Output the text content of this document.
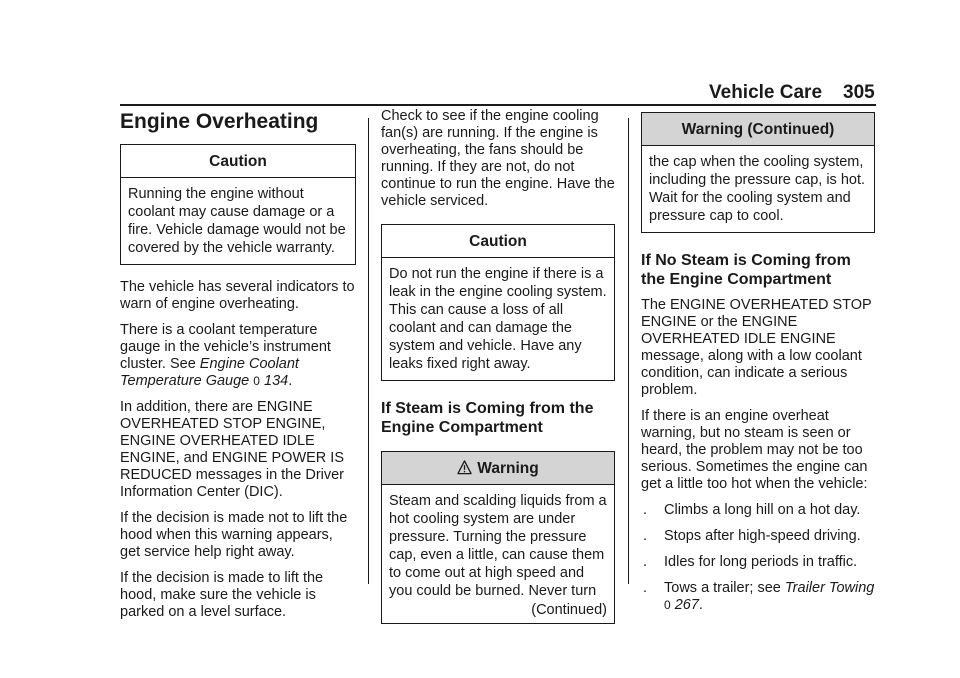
Vehicle Care 305
Engine Overheating
Caution
Running the engine without coolant may cause damage or a fire. Vehicle damage would not be covered by the vehicle warranty.

The vehicle has several indicators to warn of engine overheating.

There is a coolant temperature gauge in the vehicle’s instrument cluster. See Engine Coolant Temperature Gauge 0 134.

In addition, there are ENGINE OVERHEATED STOP ENGINE, ENGINE OVERHEATED IDLE ENGINE, and ENGINE POWER IS REDUCED messages in the Driver Information Center (DIC).

If the decision is made not to lift the hood when this warning appears, get service help right away.

If the decision is made to lift the hood, make sure the vehicle is parked on a level surface.

Check to see if the engine cooling fan(s) are running. If the engine is overheating, the fans should be running. If they are not, do not continue to run the engine. Have the vehicle serviced.

Caution
Do not run the engine if there is a leak in the engine cooling system. This can cause a loss of all coolant and can damage the system and vehicle. Have any leaks fixed right away.
If Steam is Coming from the Engine Compartment
Warning
Steam and scalding liquids from a hot cooling system are under pressure. Turning the pressure cap, even a little, can cause them to come out at high speed and you could be burned. Never turn
(Continued)
Warning (Continued)
the cap when the cooling system, including the pressure cap, is hot. Wait for the cooling system and pressure cap to cool.
If No Steam is Coming from the Engine Compartment

The ENGINE OVERHEATED STOP ENGINE or the ENGINE OVERHEATED IDLE ENGINE message, along with a low coolant condition, can indicate a serious problem.

If there is an engine overheat warning, but no steam is seen or heard, the problem may not be too serious. Sometimes the engine can get a little too hot when the vehicle:

. Climbs a long hill on a hot day.
. Stops after high-speed driving.
. Idles for long periods in traffic.
. Tows a trailer; see Trailer Towing
0 267.
